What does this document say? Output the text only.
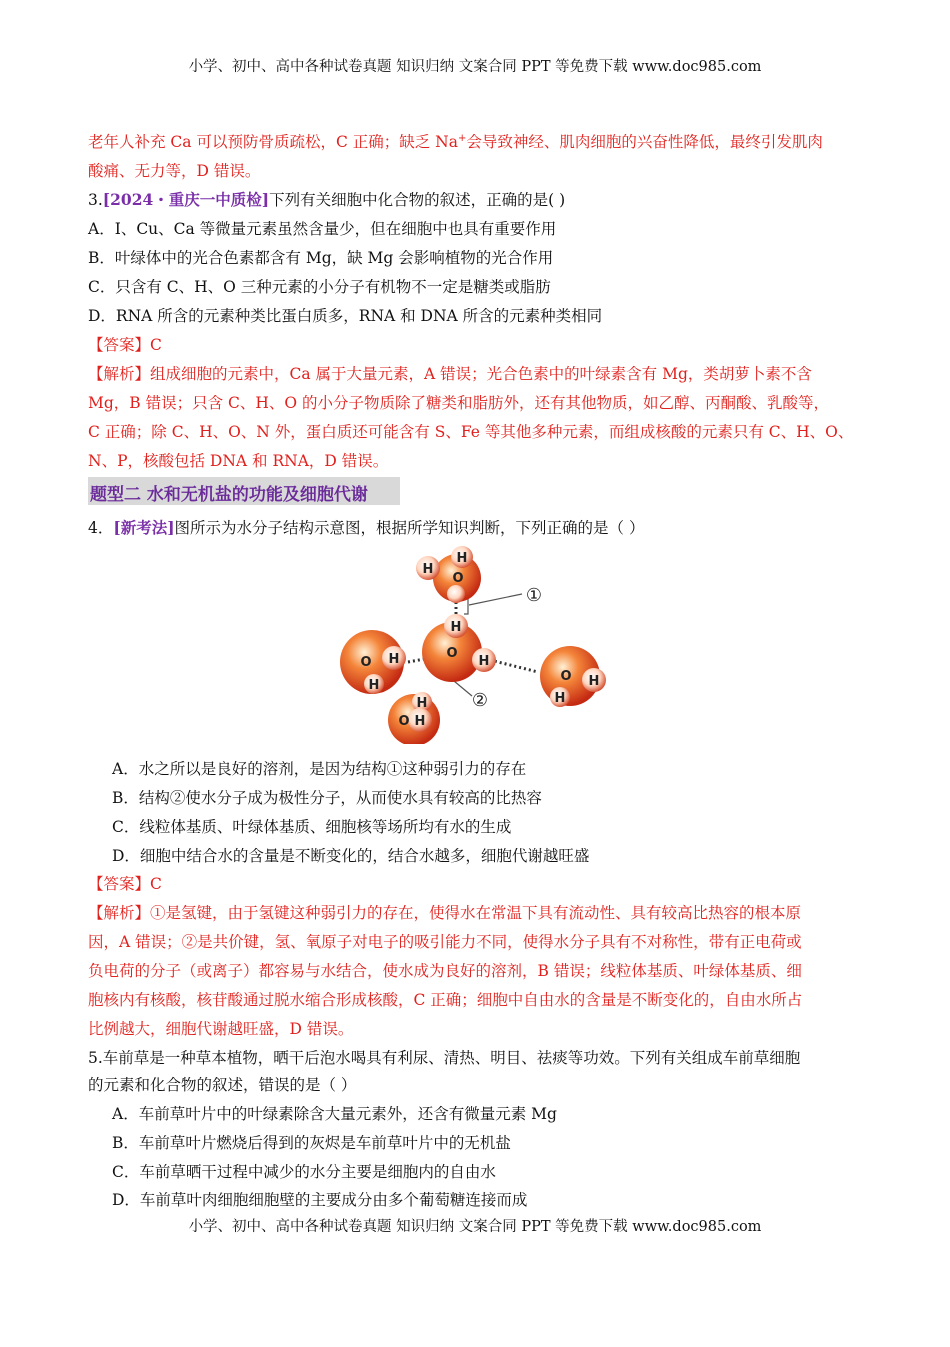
小学、初中、高中各种试卷真题 知识归纳 文案合同 PPT 等免费下载 www.doc985.com
老年人补充 Ca 可以预防骨质疏松，C 正确；缺乏 Na+会导致神经、肌肉细胞的兴奋性降低，最终引发肌肉
酸痛、无力等，D 错误。
3.[2024・重庆一中质检]下列有关细胞中化合物的叙述，正确的是( )
A．I、Cu、Ca 等微量元素虽然含量少，但在细胞中也具有重要作用
B．叶绿体中的光合色素都含有 Mg，缺 Mg 会影响植物的光合作用
C．只含有 C、H、O 三种元素的小分子有机物不一定是糖类或脂肪
D．RNA 所含的元素种类比蛋白质多，RNA 和 DNA 所含的元素种类相同
【答案】C
【解析】组成细胞的元素中，Ca 属于大量元素，A 错误；光合色素中的叶绿素含有 Mg，类胡萝卜素不含
Mg，B 错误；只含 C、H、O 的小分子物质除了糖类和脂肪外，还有其他物质，如乙醇、丙酮酸、乳酸等，
C 正确；除 C、H、O、N 外，蛋白质还可能含有 S、Fe 等其他多种元素，而组成核酸的元素只有 C、H、O、
N、P，核酸包括 DNA 和 RNA，D 错误。
题型二 水和无机盐的功能及细胞代谢
4．[新考法]图所示为水分子结构示意图，根据所学知识判断，下列正确的是（ ）
①
②
H
H
O
H
O
H
O H
H
O H
H
H
O H
A．水之所以是良好的溶剂，是因为结构①这种弱引力的存在
B．结构②使水分子成为极性分子，从而使水具有较高的比热容
C．线粒体基质、叶绿体基质、细胞核等场所均有水的生成
D．细胞中结合水的含量是不断变化的，结合水越多，细胞代谢越旺盛
【答案】C
【解析】①是氢键，由于氢键这种弱引力的存在，使得水在常温下具有流动性、具有较高比热容的根本原
因，A 错误；②是共价键，氢、氧原子对电子的吸引能力不同，使得水分子具有不对称性，带有正电荷或
负电荷的分子（或离子）都容易与水结合，使水成为良好的溶剂，B 错误；线粒体基质、叶绿体基质、细
胞核内有核酸，核苷酸通过脱水缩合形成核酸，C 正确；细胞中自由水的含量是不断变化的，自由水所占
比例越大，细胞代谢越旺盛，D 错误。
5.车前草是一种草本植物，晒干后泡水喝具有利尿、清热、明目、祛痰等功效。下列有关组成车前草细胞
的元素和化合物的叙述，错误的是（ ）
A．车前草叶片中的叶绿素除含大量元素外，还含有微量元素 Mg
B．车前草叶片燃烧后得到的灰烬是车前草叶片中的无机盐
C．车前草晒干过程中减少的水分主要是细胞内的自由水
D．车前草叶肉细胞细胞壁的主要成分由多个葡萄糖连接而成
小学、初中、高中各种试卷真题 知识归纳 文案合同 PPT 等免费下载 www.doc985.com
